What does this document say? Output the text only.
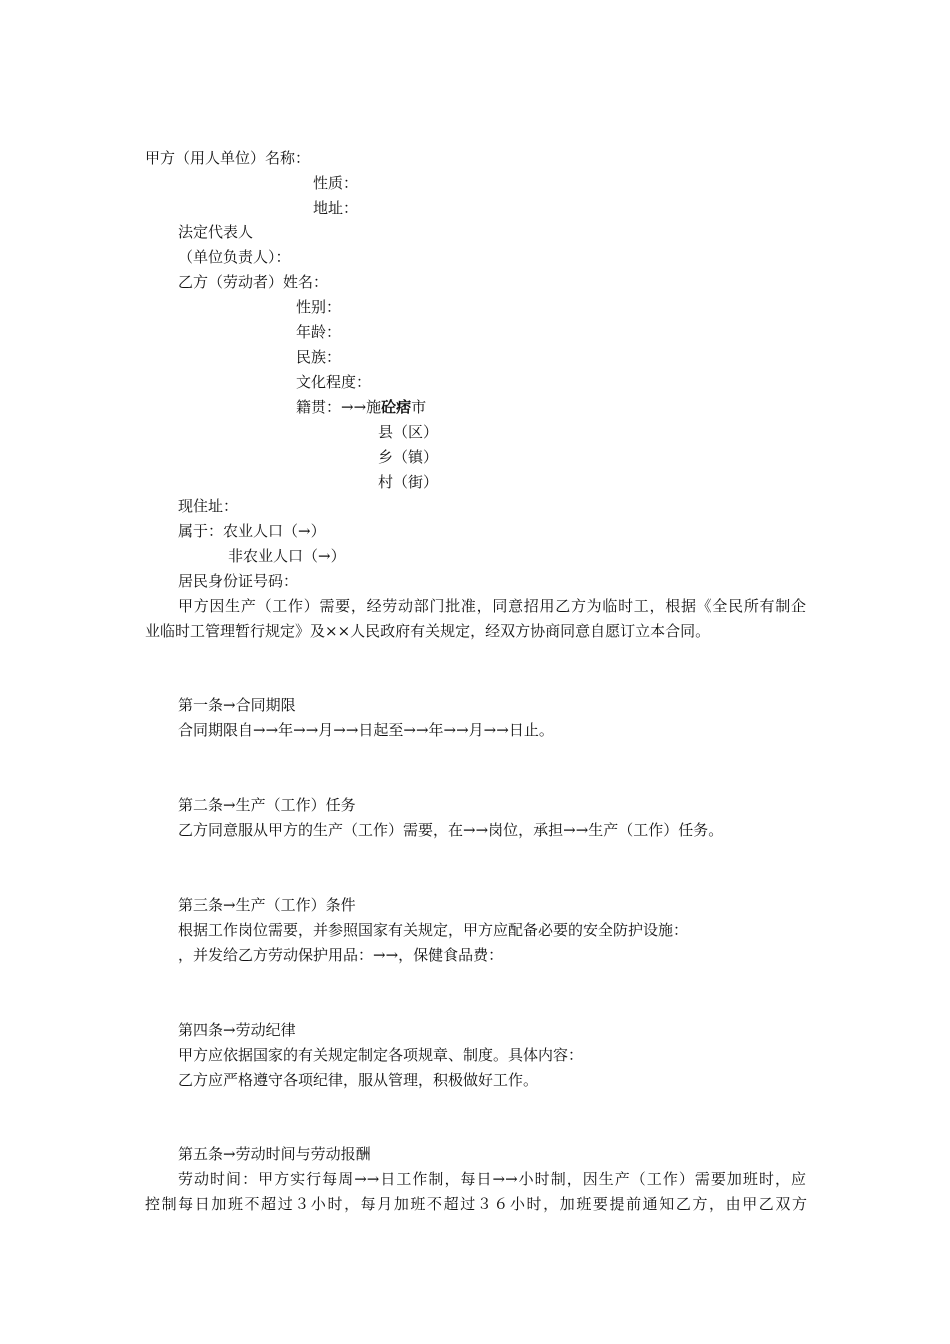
甲方（用人单位）名称：

性质：

地址：

法定代表人

（单位负责人）：

乙方（劳动者）姓名：

性别：

年龄：

民族：

文化程度：

籍贯：→→施砼痞市

县（区）

乡（镇）

村（街）

现住址：

属于：农业人口（→）

非农业人口（→）

居民身份证号码：

甲方因生产（工作）需要，经劳动部门批准，同意招用乙方为临时工，根据《全民所有制企

业临时工管理暂行规定》及××人民政府有关规定，经双方协商同意自愿订立本合同。

第一条→合同期限

合同期限自→→年→→月→→日起至→→年→→月→→日止。

第二条→生产（工作）任务

乙方同意服从甲方的生产（工作）需要，在→→岗位，承担→→生产（工作）任务。

第三条→生产（工作）条件

根据工作岗位需要，并参照国家有关规定，甲方应配备必要的安全防护设施：

，并发给乙方劳动保护用品：→→，保健食品费：

第四条→劳动纪律

甲方应依据国家的有关规定制定各项规章、制度。具体内容：

乙方应严格遵守各项纪律，服从管理，积极做好工作。

第五条→劳动时间与劳动报酬

劳动时间：甲方实行每周→→日工作制，每日→→小时制，因生产（工作）需要加班时，应

控制每日加班不超过３小时，每月加班不超过３６小时，加班要提前通知乙方，由甲乙双方
